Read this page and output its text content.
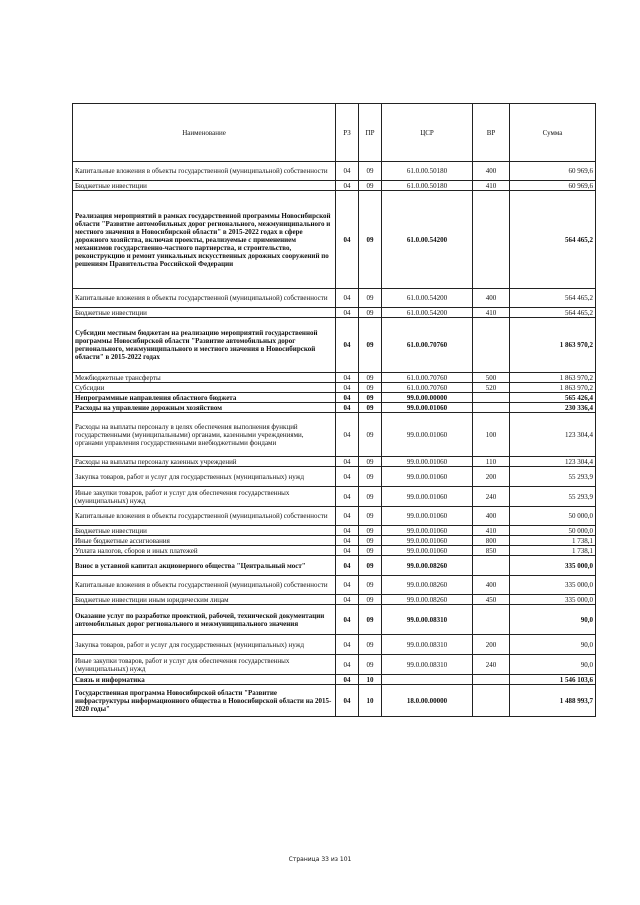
Наименование	РЗ	ПР	ЦСР	ВР	Сумма
Капитальные вложения в объекты государственной (муниципальной) собственности	04	09	61.0.00.50180	400	60 969,6
Бюджетные инвестиции	04	09	61.0.00.50180	410	60 969,6
Реализация мероприятий в рамках государственной программы Новосибирской области "Развитие автомобильных дорог регионального, межмуниципального и местного значения в Новосибирской области" в 2015-2022 годах в сфере дорожного хозяйства, включая проекты, реализуемые с применением механизмов государственно-частного партнерства, и строительство, реконструкцию и ремонт уникальных искусственных дорожных сооружений по решениям Правительства Российской Федерации	04	09	61.0.00.54200		564 465,2
Капитальные вложения в объекты государственной (муниципальной) собственности	04	09	61.0.00.54200	400	564 465,2
Бюджетные инвестиции	04	09	61.0.00.54200	410	564 465,2
Субсидии местным бюджетам на реализацию мероприятий государственной программы Новосибирской области "Развитие автомобильных дорог регионального, межмуниципального и местного значения в Новосибирской области" в 2015-2022 годах	04	09	61.0.00.70760		1 863 970,2
Межбюджетные трансферты	04	09	61.0.00.70760	500	1 863 970,2
Субсидии	04	09	61.0.00.70760	520	1 863 970,2
Непрограммные направления областного бюджета	04	09	99.0.00.00000		565 426,4
Расходы на управление дорожным хозяйством	04	09	99.0.00.01060		230 336,4
Расходы на выплаты персоналу в целях обеспечения выполнения функций государственными (муниципальными) органами, казенными учреждениями, органами управления государственными внебюджетными фондами	04	09	99.0.00.01060	100	123 304,4
Расходы на выплаты персоналу казенных учреждений	04	09	99.0.00.01060	110	123 304,4
Закупка товаров, работ и услуг для государственных (муниципальных) нужд	04	09	99.0.00.01060	200	55 293,9
Иные закупки товаров, работ и услуг для обеспечения государственных (муниципальных) нужд	04	09	99.0.00.01060	240	55 293,9
Капитальные вложения в объекты государственной (муниципальной) собственности	04	09	99.0.00.01060	400	50 000,0
Бюджетные инвестиции	04	09	99.0.00.01060	410	50 000,0
Иные бюджетные ассигнования	04	09	99.0.00.01060	800	1 738,1
Уплата налогов, сборов и иных платежей	04	09	99.0.00.01060	850	1 738,1
Взнос в уставной капитал акционерного общества "Центральный мост"	04	09	99.0.00.08260		335 000,0
Капитальные вложения в объекты государственной (муниципальной) собственности	04	09	99.0.00.08260	400	335 000,0
Бюджетные инвестиции иным юридическим лицам	04	09	99.0.00.08260	450	335 000,0
Оказание услуг по разработке проектной, рабочей, технической документации автомобильных дорог регионального и межмуниципального значения	04	09	99.0.00.08310		90,0
Закупка товаров, работ и услуг для государственных (муниципальных) нужд	04	09	99.0.00.08310	200	90,0
Иные закупки товаров, работ и услуг для обеспечения государственных (муниципальных) нужд	04	09	99.0.00.08310	240	90,0
Связь и информатика	04	10			1 546 103,6
Государственная программа Новосибирской области "Развитие инфраструктуры информационного общества в Новосибирской области на 2015-2020 годы"	04	10	18.0.00.00000		1 488 993,7
Страница 33 из 101
